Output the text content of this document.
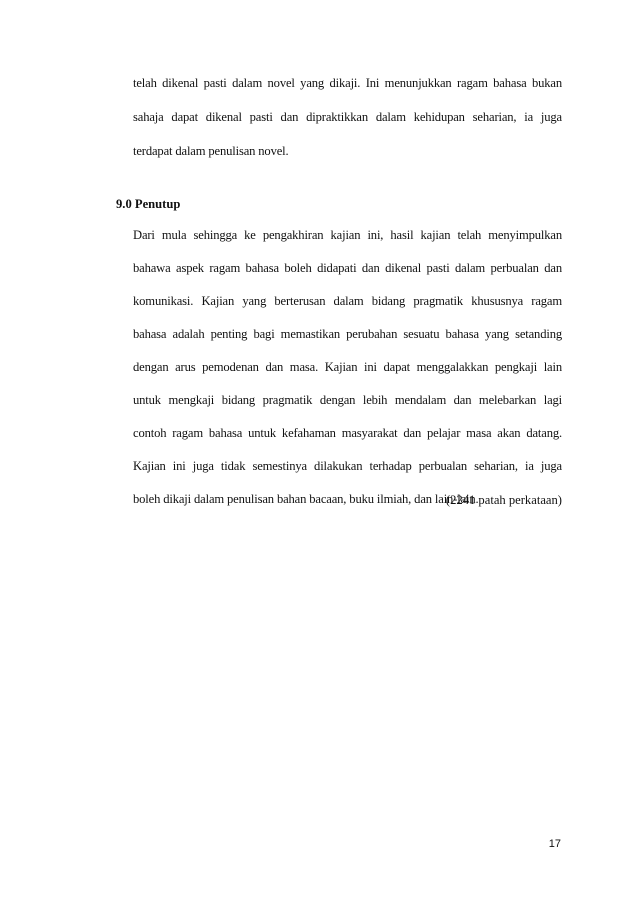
telah dikenal pasti dalam novel yang dikaji. Ini menunjukkan ragam bahasa bukan
sahaja dapat dikenal pasti dan dipraktikkan dalam kehidupan seharian, ia juga
terdapat dalam penulisan novel.
9.0 Penutup
Dari mula sehingga ke pengakhiran kajian ini, hasil kajian telah menyimpulkan
bahawa aspek ragam bahasa boleh didapati dan dikenal pasti dalam perbualan dan
komunikasi. Kajian yang berterusan dalam bidang pragmatik khususnya ragam
bahasa adalah penting bagi memastikan perubahan sesuatu bahasa yang setanding
dengan arus pemodenan dan masa. Kajian ini dapat menggalakkan pengkaji lain
untuk mengkaji bidang pragmatik dengan lebih mendalam dan melebarkan lagi
contoh ragam bahasa untuk kefahaman masyarakat dan pelajar masa akan datang.
Kajian ini juga tidak semestinya dilakukan terhadap perbualan seharian, ia juga
boleh dikaji dalam penulisan bahan bacaan, buku ilmiah, dan lain-lain.
(2241 patah perkataan)
17
